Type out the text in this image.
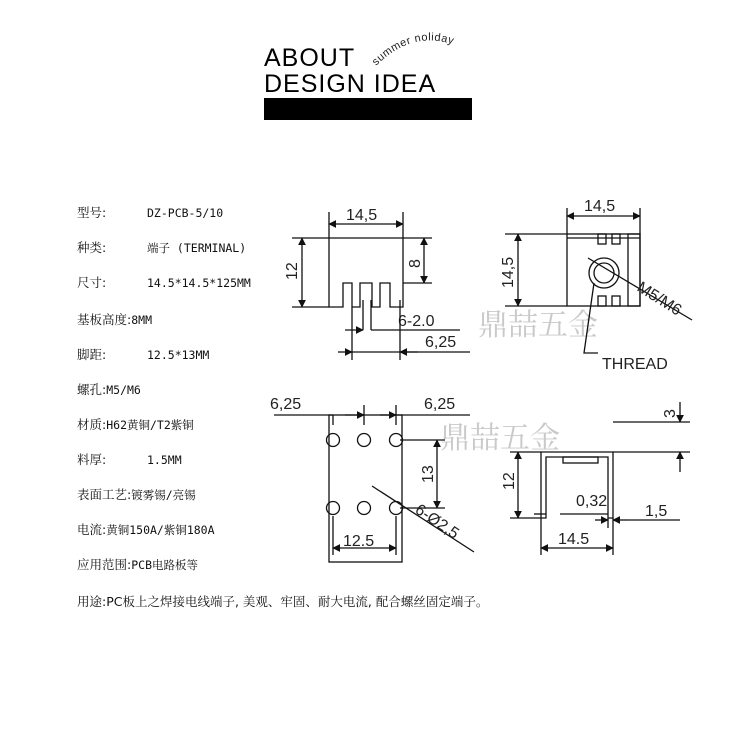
ABOUT
DESIGN IDEA
summer noliday
型号:	DZ-PCB-5/10
种类:	端子 (TERMINAL)
尺寸:	14.5*14.5*125MM
基板高度:8MM
脚距:	12.5*13MM
螺孔:M5/M6
材质:H62黄铜/T2紫铜
料厚:	1.5MM
表面工艺:镀雾锡/亮锡
电流:黄铜150A/紫铜180A
应用范围:PCB电路板等
用途:PC板上之焊接电线端子, 美观、牢固、耐大电流, 配合螺丝固定端子。
鼎喆五金
鼎喆五金
14,5
12	8
6-2.0
6,25
M5/M6
THREAD
14,5
14,5
6,25	6,25
13
12.5 6-Ø2,5
3
12
0,32
1,5
14.5
